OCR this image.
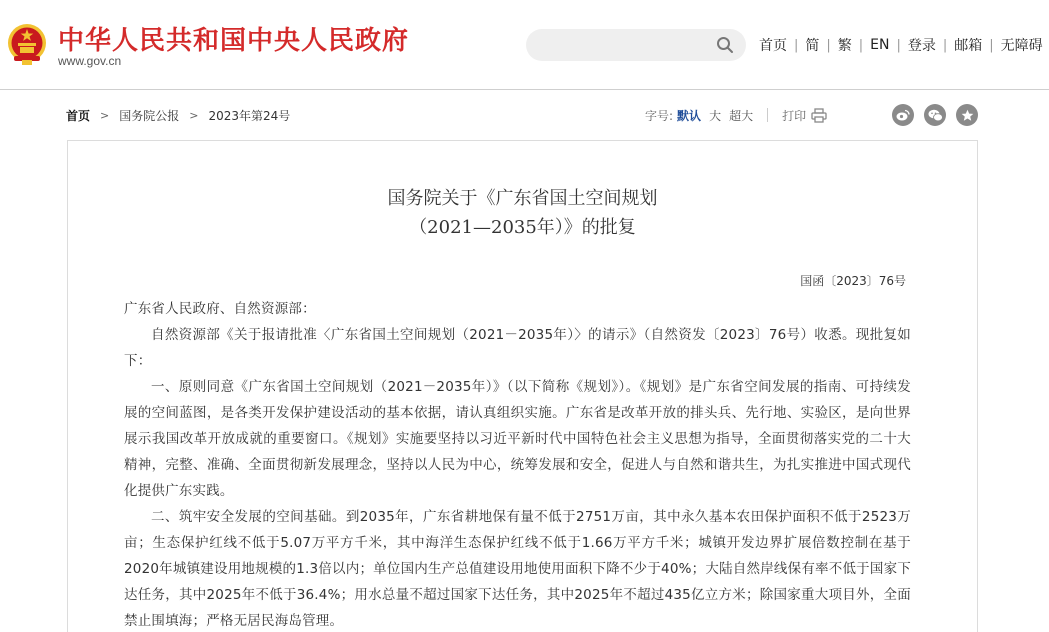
中华人民共和国中央人民政府
www.gov.cn
首页 | 简 | 繁 | EN | 登录 | 邮箱 | 无障碍
首页 > 国务院公报 > 2023年第24号	字号: 默认 大 超大 打印
国务院关于《广东省国土空间规划
（2021—2035年）》的批复
国函〔2023〕76号

广东省人民政府、自然资源部：

自然资源部《关于报请批准〈广东省国土空间规划（2021－2035年）〉的请示》（自然资发〔2023〕76号）收悉。现批复如下：

一、原则同意《广东省国土空间规划（2021－2035年）》（以下简称《规划》）。《规划》是广东省空间发展的指南、可持续发展的空间蓝图，是各类开发保护建设活动的基本依据，请认真组织实施。广东省是改革开放的排头兵、先行地、实验区，是向世界展示我国改革开放成就的重要窗口。《规划》实施要坚持以习近平新时代中国特色社会主义思想为指导，全面贯彻落实党的二十大精神，完整、准确、全面贯彻新发展理念，坚持以人民为中心，统筹发展和安全，促进人与自然和谐共生，为扎实推进中国式现代化提供广东实践。

二、筑牢安全发展的空间基础。到2035年，广东省耕地保有量不低于2751万亩，其中永久基本农田保护面积不低于2523万亩；生态保护红线不低于5.07万平方千米，其中海洋生态保护红线不低于1.66万平方千米；城镇开发边界扩展倍数控制在基于2020年城镇建设用地规模的1.3倍以内；单位国内生产总值建设用地使用面积下降不少于40%；大陆自然岸线保有率不低于国家下达任务，其中2025年不低于36.4%；用水总量不超过国家下达任务，其中2025年不超过435亿立方米；除国家重大项目外，全面禁止围填海；严格无居民海岛管理。
